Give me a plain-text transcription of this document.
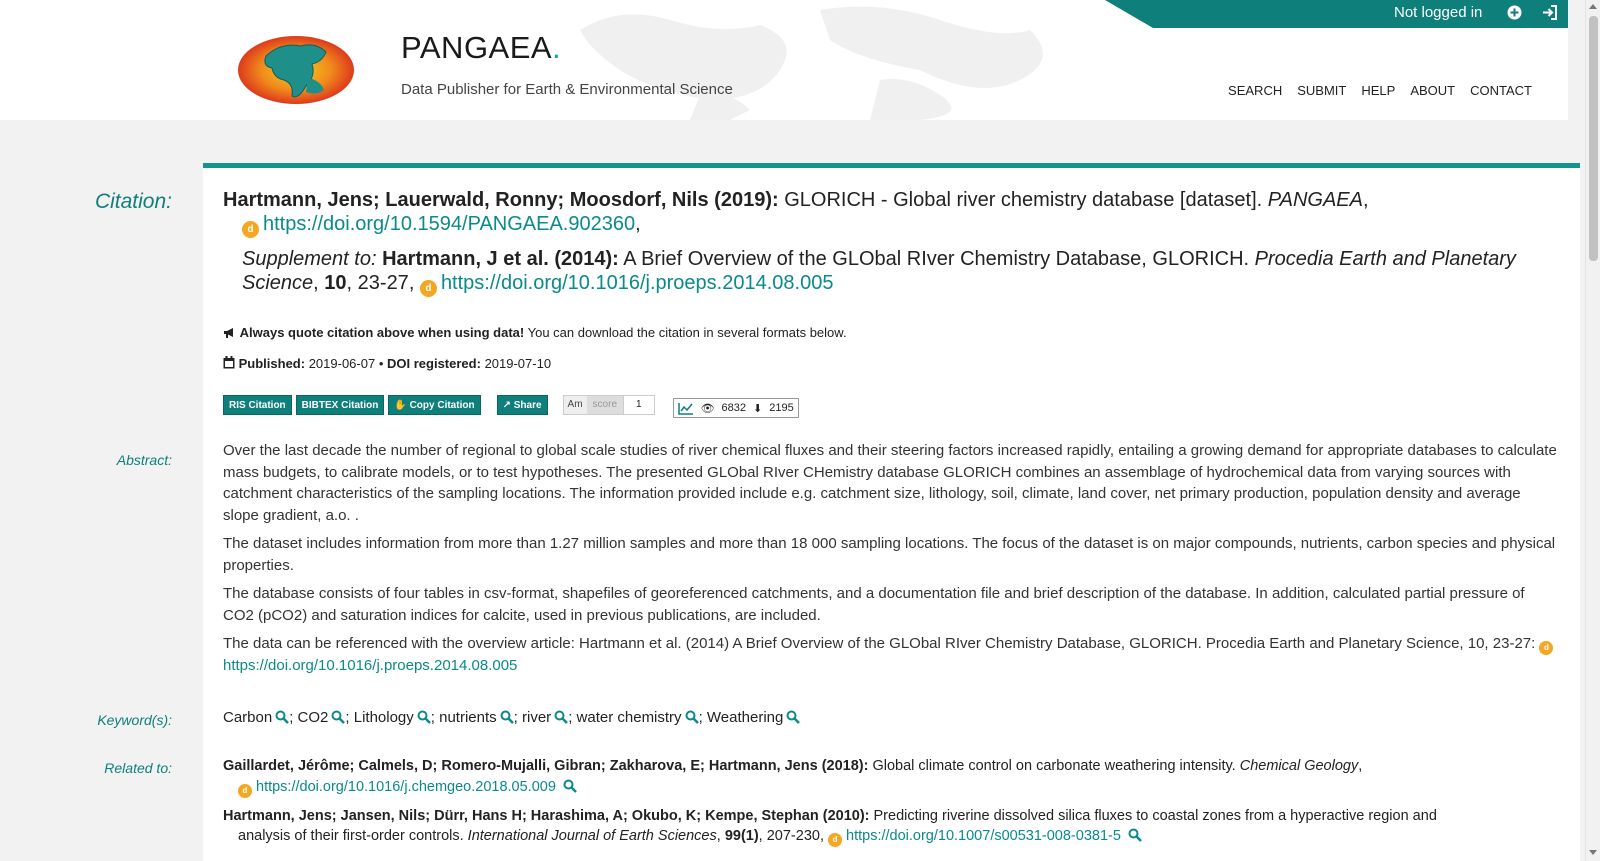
PANGAEA.
Data Publisher for Earth & Environmental Science
Not logged in
SEARCH SUBMIT HELP ABOUT CONTACT
Citation:	Hartmann, Jens; Lauerwald, Ronny; Moosdorf, Nils (2019): GLORICH - Global river chemistry database [dataset]. PANGAEA,
d https://doi.org/10.1594/PANGAEA.902360,
Supplement to: Hartmann, J et al. (2014): A Brief Overview of the GLObal RIver Chemistry Database, GLORICH. Procedia Earth and Planetary Science, 10, 23-27, d https://doi.org/10.1016/j.proeps.2014.08.005
Always quote citation above when using data! You can download the citation in several formats below.
Published: 2019-06-07 • DOI registered: 2019-07-10
RIS Citation	BIBTEX Citation	✋ Copy Citation	↗ Share	Am	score	1	👁 6832 ⬇ 2195
Abstract:

Over the last decade the number of regional to global scale studies of river chemical fluxes and their steering factors increased rapidly, entailing a growing demand for appropriate databases to calculate mass budgets, to calibrate models, or to test hypotheses. The presented GLObal RIver CHemistry database GLORICH combines an assemblage of hydrochemical data from varying sources with catchment characteristics of the sampling locations. The information provided include e.g. catchment size, lithology, soil, climate, land cover, net primary production, population density and average slope gradient, a.o. .

The dataset includes information from more than 1.27 million samples and more than 18 000 sampling locations. The focus of the dataset is on major compounds, nutrients, carbon species and physical properties.

The database consists of four tables in csv-format, shapefiles of georeferenced catchments, and a documentation file and brief description of the database. In addition, calculated partial pressure of CO2 (pCO2) and saturation indices for calcite, used in previous publications, are included.

The data can be referenced with the overview article: Hartmann et al. (2014) A Brief Overview of the GLObal RIver Chemistry Database, GLORICH. Procedia Earth and Planetary Science, 10, 23-27: dhttps://doi.org/10.1016/j.proeps.2014.08.005

Keyword(s):	Carbon ; CO2 ; Lithology ; nutrients ; river ; water chemistry ; Weathering
Related to:	Gaillardet, Jérôme; Calmels, D; Romero-Mujalli, Gibran; Zakharova, E; Hartmann, Jens (2018): Global climate control on carbonate weathering intensity. Chemical Geology,
d https://doi.org/10.1016/j.chemgeo.2018.05.009
Hartmann, Jens; Jansen, Nils; Dürr, Hans H; Harashima, A; Okubo, K; Kempe, Stephan (2010): Predicting riverine dissolved silica fluxes to coastal zones from a hyperactive region and
analysis of their first-order controls. International Journal of Earth Sciences, 99(1), 207-230, d https://doi.org/10.1007/s00531-008-0381-5
